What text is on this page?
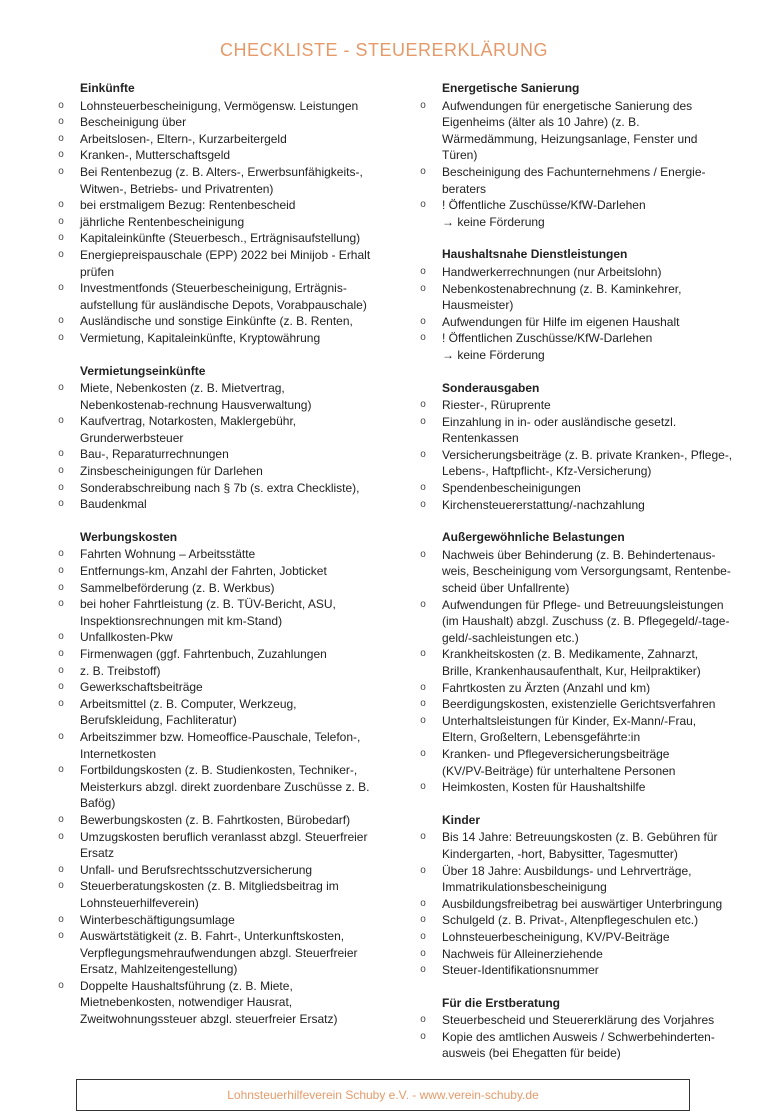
CHECKLISTE - STEUERERKLÄRUNG
Einkünfte
o Lohnsteuerbescheinigung, Vermögensw. Leistungen
o Bescheinigung über
o Arbeitslosen-, Eltern-, Kurzarbeitergeld
o Kranken-, Mutterschaftsgeld
o Bei Rentenbezug (z. B. Alters-, Erwerbsunfähigkeits-,
Witwen-, Betriebs- und Privatrenten)
o bei erstmaligem Bezug: Rentenbescheid
o jährliche Rentenbescheinigung
o Kapitaleinkünfte (Steuerbesch., Erträgnisaufstellung)
o Energiepreispauschale (EPP) 2022 bei Minijob - Erhalt
prüfen
o Investmentfonds (Steuerbescheinigung, Erträgnis-
aufstellung für ausländische Depots, Vorabpauschale)
o Ausländische und sonstige Einkünfte (z. B. Renten,
o Vermietung, Kapitaleinkünfte, Kryptowährung
Vermietungseinkünfte
o Miete, Nebenkosten (z. B. Mietvertrag,
Nebenkostenab-rechnung Hausverwaltung)
o Kaufvertrag, Notarkosten, Maklergebühr,
Grunderwerbsteuer
o Bau-, Reparaturrechnungen
o Zinsbescheinigungen für Darlehen
o Sonderabschreibung nach § 7b (s. extra Checkliste),
o Baudenkmal
Werbungskosten
o Fahrten Wohnung – Arbeitsstätte
o Entfernungs-km, Anzahl der Fahrten, Jobticket
o Sammelbeförderung (z. B. Werkbus)
o bei hoher Fahrtleistung (z. B. TÜV-Bericht, ASU,
Inspektionsrechnungen mit km-Stand)
o Unfallkosten-Pkw
o Firmenwagen (ggf. Fahrtenbuch, Zuzahlungen
o z. B. Treibstoff)
o Gewerkschaftsbeiträge
o Arbeitsmittel (z. B. Computer, Werkzeug,
Berufskleidung, Fachliteratur)
o Arbeitszimmer bzw. Homeoffice-Pauschale, Telefon-,
Internetkosten
o Fortbildungskosten (z. B. Studienkosten, Techniker-,
Meisterkurs abzgl. direkt zuordenbare Zuschüsse z. B.
Bafög)
o Bewerbungskosten (z. B. Fahrtkosten, Bürobedarf)
o Umzugskosten beruflich veranlasst abzgl. Steuerfreier
Ersatz
o Unfall- und Berufsrechtsschutzversicherung
o Steuerberatungskosten (z. B. Mitgliedsbeitrag im
Lohnsteuerhilfeverein)
o Winterbeschäftigungsumlage
o Auswärtstätigkeit (z. B. Fahrt-, Unterkunftskosten,
Verpflegungsmehraufwendungen abzgl. Steuerfreier
Ersatz, Mahlzeitengestellung)
o Doppelte Haushaltsführung (z. B. Miete,
Mietnebenkosten, notwendiger Hausrat,
Zweitwohnungssteuer abzgl. steuerfreier Ersatz)
Energetische Sanierung
o Aufwendungen für energetische Sanierung des
Eigenheims (älter als 10 Jahre) (z. B.
Wärmedämmung, Heizungsanlage, Fenster und
Türen)
o Bescheinigung des Fachunternehmens / Energie-
beraters
o ! Öffentliche Zuschüsse/KfW-Darlehen
→ keine Förderung
Haushaltsnahe Dienstleistungen
o Handwerkerrechnungen (nur Arbeitslohn)
o Nebenkostenabrechnung (z. B. Kaminkehrer,
Hausmeister)
o Aufwendungen für Hilfe im eigenen Haushalt
o ! Öffentlichen Zuschüsse/KfW-Darlehen
→ keine Förderung
Sonderausgaben
o Riester-, Rüruprente
o Einzahlung in in- oder ausländische gesetzl.
Rentenkassen
o Versicherungsbeiträge (z. B. private Kranken-, Pflege-,
Lebens-, Haftpflicht-, Kfz-Versicherung)
o Spendenbescheinigungen
o Kirchensteuererstattung/-nachzahlung
Außergewöhnliche Belastungen
o Nachweis über Behinderung (z. B. Behindertenaus-
weis, Bescheinigung vom Versorgungsamt, Rentenbe-
scheid über Unfallrente)
o Aufwendungen für Pflege- und Betreuungsleistungen
(im Haushalt) abzgl. Zuschuss (z. B. Pflegegeld/-tage-
geld/-sachleistungen etc.)
o Krankheitskosten (z. B. Medikamente, Zahnarzt,
Brille, Krankenhausaufenthalt, Kur, Heilpraktiker)
o Fahrtkosten zu Ärzten (Anzahl und km)
o Beerdigungskosten, existenzielle Gerichtsverfahren
o Unterhaltsleistungen für Kinder, Ex-Mann/-Frau,
Eltern, Großeltern, Lebensgefährte:in
o Kranken- und Pflegeversicherungsbeiträge
(KV/PV-Beiträge) für unterhaltene Personen
o Heimkosten, Kosten für Haushaltshilfe
Kinder
o Bis 14 Jahre: Betreuungskosten (z. B. Gebühren für
Kindergarten, -hort, Babysitter, Tagesmutter)
o Über 18 Jahre: Ausbildungs- und Lehrverträge,
Immatrikulationsbescheinigung
o Ausbildungsfreibetrag bei auswärtiger Unterbringung
o Schulgeld (z. B. Privat-, Altenpflegeschulen etc.)
o Lohnsteuerbescheinigung, KV/PV-Beiträge
o Nachweis für Alleinerziehende
o Steuer-Identifikationsnummer
Für die Erstberatung
o Steuerbescheid und Steuererklärung des Vorjahres
o Kopie des amtlichen Ausweis / Schwerbehinderten-
ausweis (bei Ehegatten für beide)
Lohnsteuerhilfeverein Schuby e.V. - www.verein-schuby.de
